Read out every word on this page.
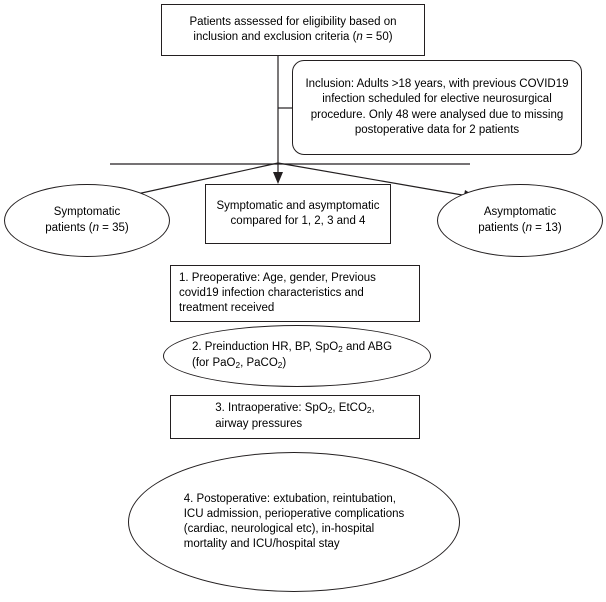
Patients assessed for eligibility based on
inclusion and exclusion criteria (n = 50)
Inclusion: Adults >18 years, with previous COVID19 infection scheduled for elective neurosurgical procedure. Only 48 were analysed due to missing postoperative data for 2 patients
Symptomatic
patients (n = 35)
Symptomatic and asymptomatic compared for 1, 2, 3 and 4
Asymptomatic
patients (n = 13)
1. Preoperative: Age, gender, Previous covid19 infection characteristics and treatment received
2. Preinduction HR, BP, SpO$_2$ and ABG (for PaO$_2$, PaCO$_2$)
3. Intraoperative: SpO$_2$, EtCO$_2$,
airway pressures
4. Postoperative: extubation, reintubation,
ICU admission, perioperative complications
(cardiac, neurological etc), in-hospital
mortality and ICU/hospital stay
